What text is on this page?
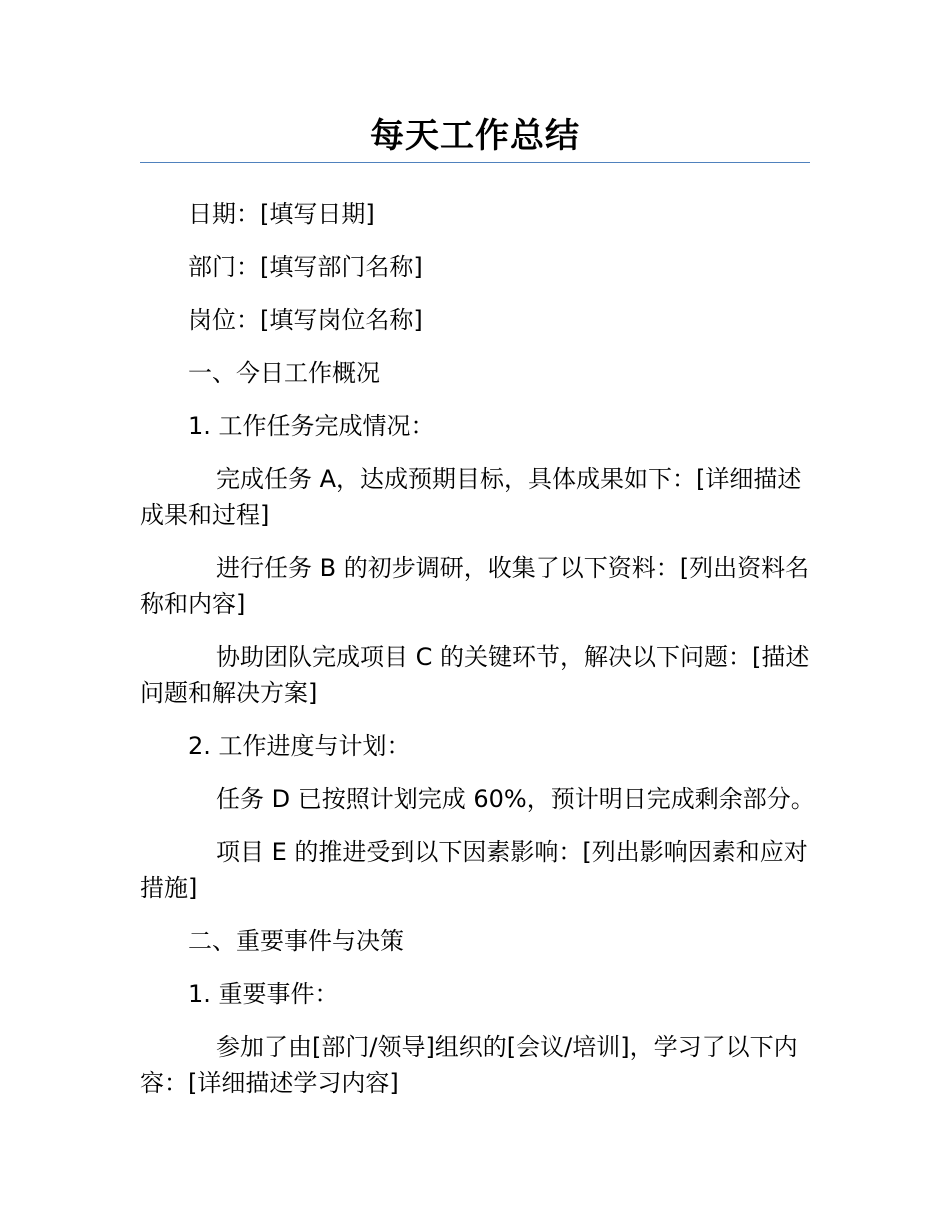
每天工作总结

日期：[填写日期]

部门：[填写部门名称]

岗位：[填写岗位名称]

一、今日工作概况

1. 工作任务完成情况：

完成任务 A，达成预期目标，具体成果如下：[详细描述成果和过程]

进行任务 B 的初步调研，收集了以下资料：[列出资料名称和内容]

协助团队完成项目 C 的关键环节，解决以下问题：[描述问题和解决方案]

2. 工作进度与计划：

任务 D 已按照计划完成 60%，预计明日完成剩余部分。

项目 E 的推进受到以下因素影响：[列出影响因素和应对措施]

二、重要事件与决策

1. 重要事件：

参加了由[部门/领导]组织的[会议/培训]，学习了以下内容：[详细描述学习内容]
